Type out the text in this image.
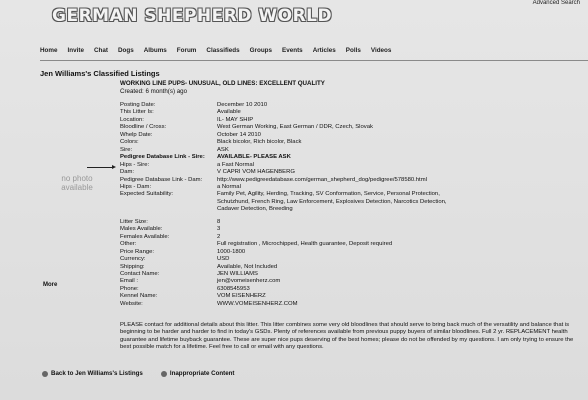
GERMAN SHEPHERD WORLD
Advanced Search
Home Invite Chat Dogs Albums Forum Classifieds Groups Events Articles Polls Videos
Jen Williams's Classified Listings
WORKING LINE PUPS- UNUSUAL, OLD LINES: EXCELLENT QUALITY
Created: 6 month(s) ago
Posting Date:	December 10 2010
This Litter Is:	Available
Location:	IL- MAY SHIP
Bloodline / Cross:	West German Working, East German / DDR, Czech, Slovak
Whelp Date:	October 14 2010
Colors:	Black bicolor, Rich bicolor, Black
Sire:	ASK
Pedigree Database Link - Sire:	AVAILABLE- PLEASE ASK
Hips - Sire:	a Fast Normal
Dam:	V CAPRI VOM HAGENBERG
Pedigree Database Link - Dam:	http://www.pedigreedatabase.com/german_shepherd_dog/pedigree/578580.html
Hips - Dam:	a Normal
Expected Suitability:	Family Pet, Agility, Herding, Tracking, SV Conformation, Service, Personal Protection,
	Schutzhund, French Ring, Law Enforcement, Explosives Detection, Narcotics Detection,
	Cadaver Detection, Breeding

Litter Size:	8
Males Available:	3
Females Available:	2
Other:	Full registration , Microchipped, Health guarantee, Deposit required
Price Range:	1000-1800
Currency:	USD
Shipping:	Available, Not Included
Contact Name:	JEN WILLIAMS
Email :	jen@vomeisenherz.com
Phone:	6308545953
Kennel Name:	VOM EISENHERZ
Website:	WWW.VOMEISENHERZ.COM
no photo available
More
PLEASE contact for additional details about this litter. This litter combines some very old bloodlines that should serve to bring back much of the versatility and balance that is beginning to be harder and harder to find in today's GSDs. Plenty of references available from previous puppy buyers of similar bloodlines. Full 2 yr. REPLACEMENT health guarantee and lifetime buyback guarantee. These are super nice pups deserving of the best homes; please do not be offended by my questions. I am only trying to ensure the best possible match for a lifetime. Feel free to call or email with any questions.
Back to Jen Williams's Listings	Inappropriate Content
